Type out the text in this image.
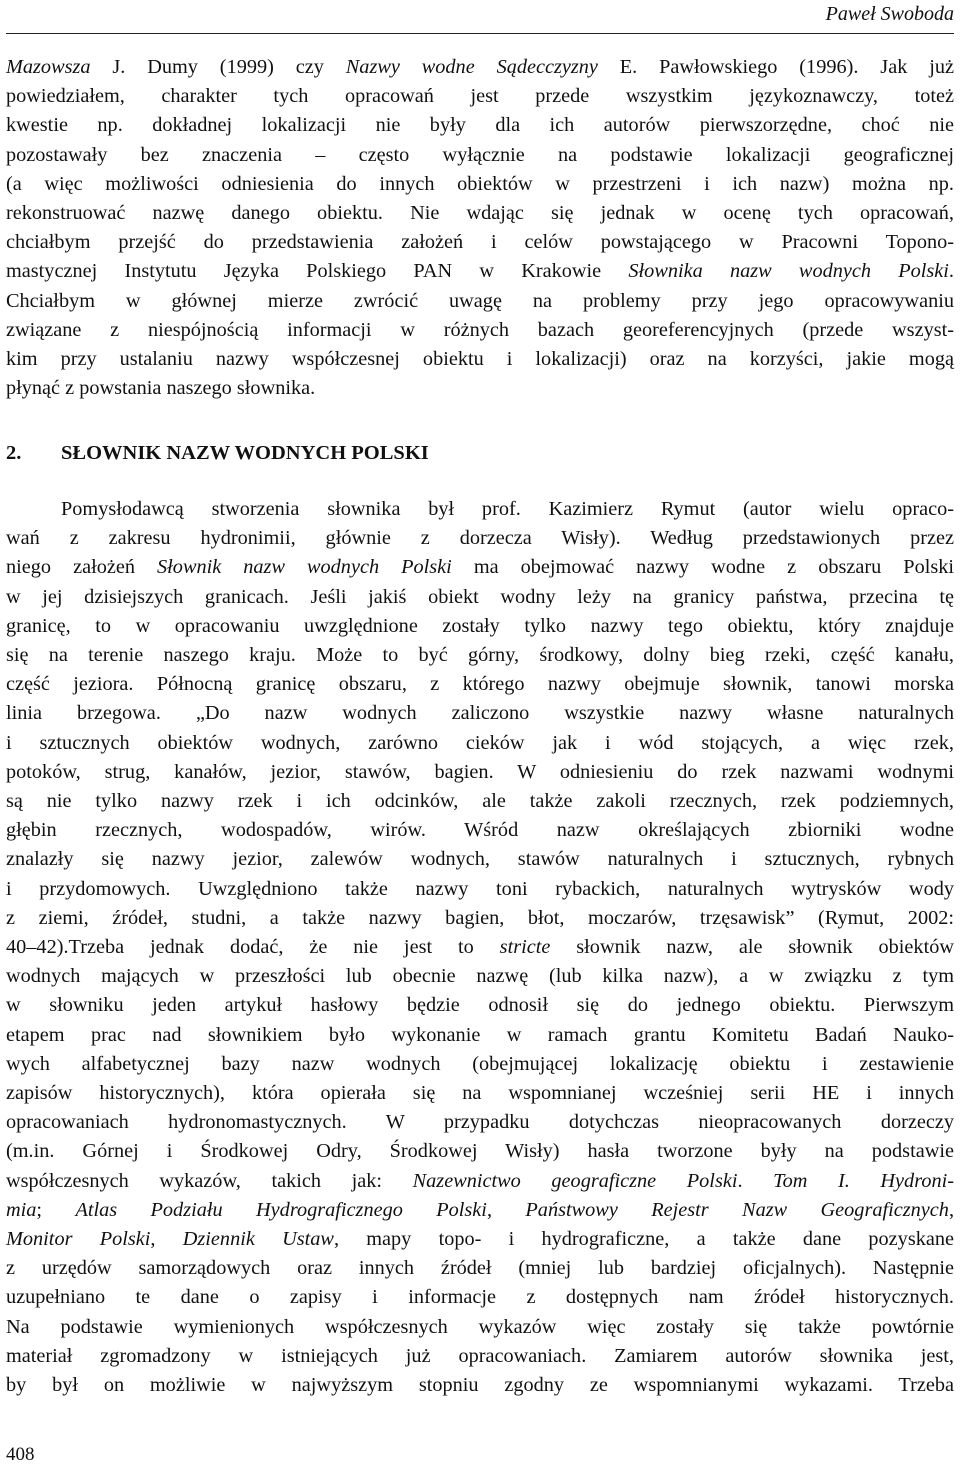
Paweł Swoboda
Mazowsza J. Dumy (1999) czy Nazwy wodne Sądecczyzny E. Pawłowskiego (1996). Jak już
powiedziałem, charakter tych opracowań jest przede wszystkim językoznawczy, toteż
kwestie np. dokładnej lokalizacji nie były dla ich autorów pierwszorzędne, choć nie
pozostawały bez znaczenia – często wyłącznie na podstawie lokalizacji geograficznej
(a więc możliwości odniesienia do innych obiektów w przestrzeni i ich nazw) można np.
rekonstruować nazwę danego obiektu. Nie wdając się jednak w ocenę tych opracowań,
chciałbym przejść do przedstawienia założeń i celów powstającego w Pracowni Topono-
mastycznej Instytutu Języka Polskiego PAN w Krakowie Słownika nazw wodnych Polski.
Chciałbym w głównej mierze zwrócić uwagę na problemy przy jego opracowywaniu
związane z niespójnością informacji w różnych bazach georeferencyjnych (przede wszyst-
kim przy ustalaniu nazwy współczesnej obiektu i lokalizacji) oraz na korzyści, jakie mogą
płynąć z powstania naszego słownika.
2. SŁOWNIK NAZW WODNYCH POLSKI
Pomysłodawcą stworzenia słownika był prof. Kazimierz Rymut (autor wielu opraco-
wań z zakresu hydronimii, głównie z dorzecza Wisły). Według przedstawionych przez
niego założeń Słownik nazw wodnych Polski ma obejmować nazwy wodne z obszaru Polski
w jej dzisiejszych granicach. Jeśli jakiś obiekt wodny leży na granicy państwa, przecina tę
granicę, to w opracowaniu uwzględnione zostały tylko nazwy tego obiektu, który znajduje
się na terenie naszego kraju. Może to być górny, środkowy, dolny bieg rzeki, część kanału,
część jeziora. Północną granicę obszaru, z którego nazwy obejmuje słownik, tanowi morska
linia brzegowa. „Do nazw wodnych zaliczono wszystkie nazwy własne naturalnych
i sztucznych obiektów wodnych, zarówno cieków jak i wód stojących, a więc rzek,
potoków, strug, kanałów, jezior, stawów, bagien. W odniesieniu do rzek nazwami wodnymi
są nie tylko nazwy rzek i ich odcinków, ale także zakoli rzecznych, rzek podziemnych,
głębin rzecznych, wodospadów, wirów. Wśród nazw określających zbiorniki wodne
znalazły się nazwy jezior, zalewów wodnych, stawów naturalnych i sztucznych, rybnych
i przydomowych. Uwzględniono także nazwy toni rybackich, naturalnych wytrysków wody
z ziemi, źródeł, studni, a także nazwy bagien, błot, moczarów, trzęsawisk” (Rymut, 2002:
40–42).Trzeba jednak dodać, że nie jest to stricte słownik nazw, ale słownik obiektów
wodnych mających w przeszłości lub obecnie nazwę (lub kilka nazw), a w związku z tym
w słowniku jeden artykuł hasłowy będzie odnosił się do jednego obiektu. Pierwszym
etapem prac nad słownikiem było wykonanie w ramach grantu Komitetu Badań Nauko-
wych alfabetycznej bazy nazw wodnych (obejmującej lokalizację obiektu i zestawienie
zapisów historycznych), która opierała się na wspomnianej wcześniej serii HE i innych
opracowaniach hydronomastycznych. W przypadku dotychczas nieopracowanych dorzeczy
(m.in. Górnej i Środkowej Odry, Środkowej Wisły) hasła tworzone były na podstawie
współczesnych wykazów, takich jak: Nazewnictwo geograficzne Polski. Tom I. Hydroni-
mia; Atlas Podziału Hydrograficznego Polski, Państwowy Rejestr Nazw Geograficznych,
Monitor Polski, Dziennik Ustaw, mapy topo- i hydrograficzne, a także dane pozyskane
z urzędów samorządowych oraz innych źródeł (mniej lub bardziej oficjalnych). Następnie
uzupełniano te dane o zapisy i informacje z dostępnych nam źródeł historycznych.
Na podstawie wymienionych współczesnych wykazów więc zostały się także powtórnie
materiał zgromadzony w istniejących już opracowaniach. Zamiarem autorów słownika jest,
by był on możliwie w najwyższym stopniu zgodny ze wspomnianymi wykazami. Trzeba
408
